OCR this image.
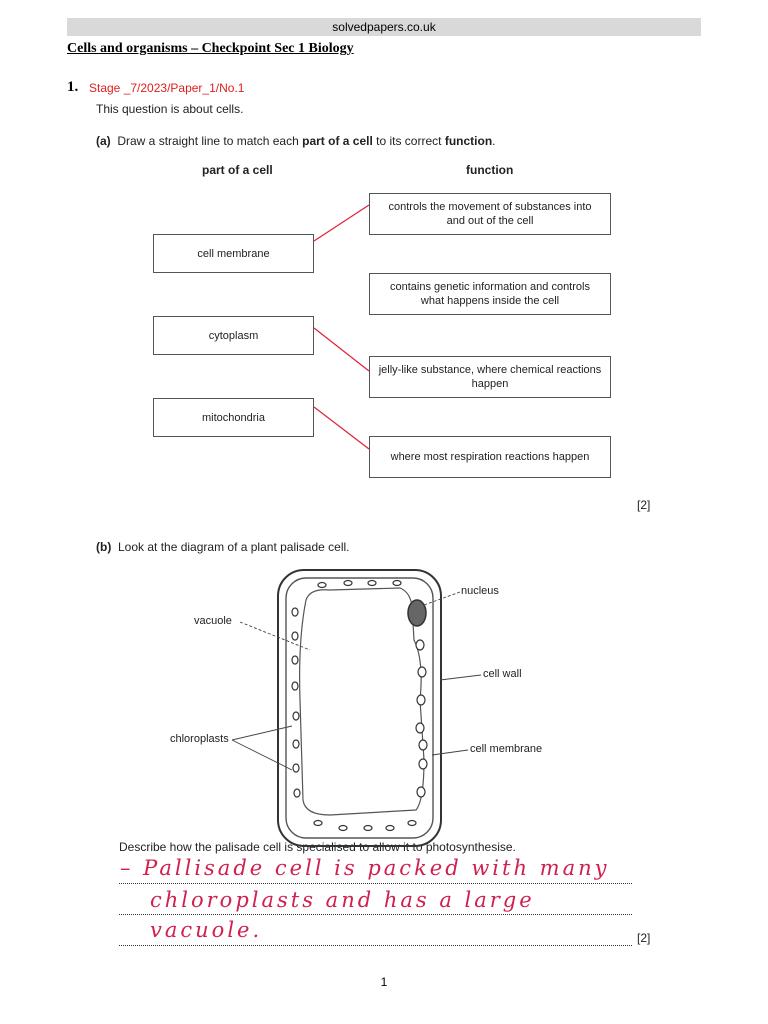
solvedpapers.co.uk
Cells and organisms – Checkpoint Sec 1 Biology
1. Stage _7/2023/Paper_1/No.1
This question is about cells.
(a) Draw a straight line to match each part of a cell to its correct function.
part of a cell	function
cell membrane
cytoplasm
mitochondria
controls the movement of substances into and out of the cell
contains genetic information and controls what happens inside the cell
jelly-like substance, where chemical reactions happen
where most respiration reactions happen
[2]
(b) Look at the diagram of a plant palisade cell.
nucleus
vacuole
cell wall
chloroplasts
cell membrane
Describe how the palisade cell is specialised to allow it to photosynthesise.
– Pallisade cell is packed with many
chloroplasts and has a large
vacuole.	[2]
1
